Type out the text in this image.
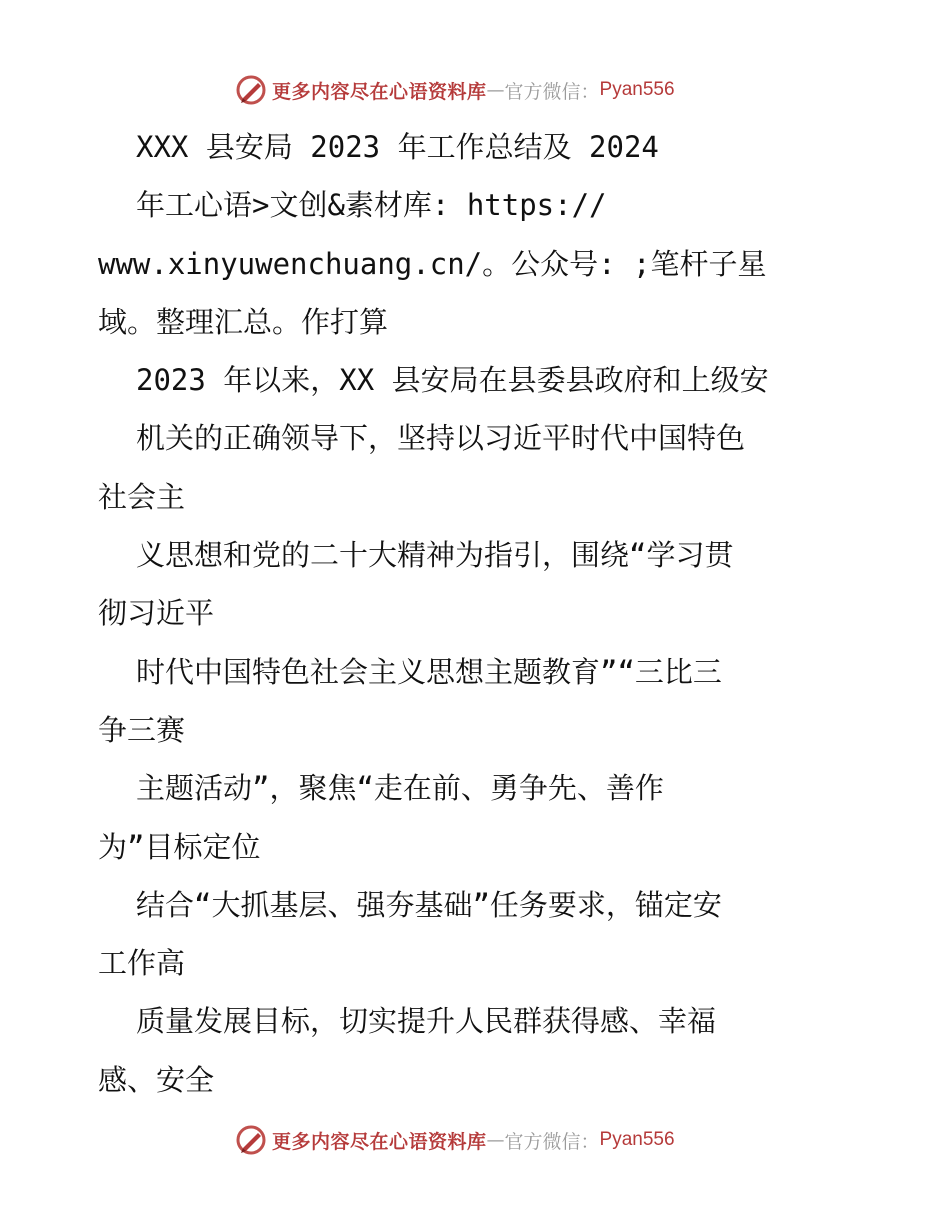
更多内容尽在心语资料库 — 官方微信： Pyan556
XXX 县安局 2023 年工作总结及 2024
年工心语>文创&素材库: https://
www.xinyuwenchuang.cn/。公众号: ;笔杆子星
域。整理汇总。作打算
2023 年以来，XX 县安局在县委县政府和上级安
机关的正确领导下，坚持以习近平时代中国特色
社会主
义思想和党的二十大精神为指引，围绕“学习贯
彻习近平
时代中国特色社会主义思想主题教育”“三比三
争三赛
主题活动”，聚焦“走在前、勇争先、善作
为”目标定位
结合“大抓基层、强夯基础”任务要求，锚定安
工作高
质量发展目标，切实提升人民群获得感、幸福
感、安全
更多内容尽在心语资料库 — 官方微信： Pyan556
